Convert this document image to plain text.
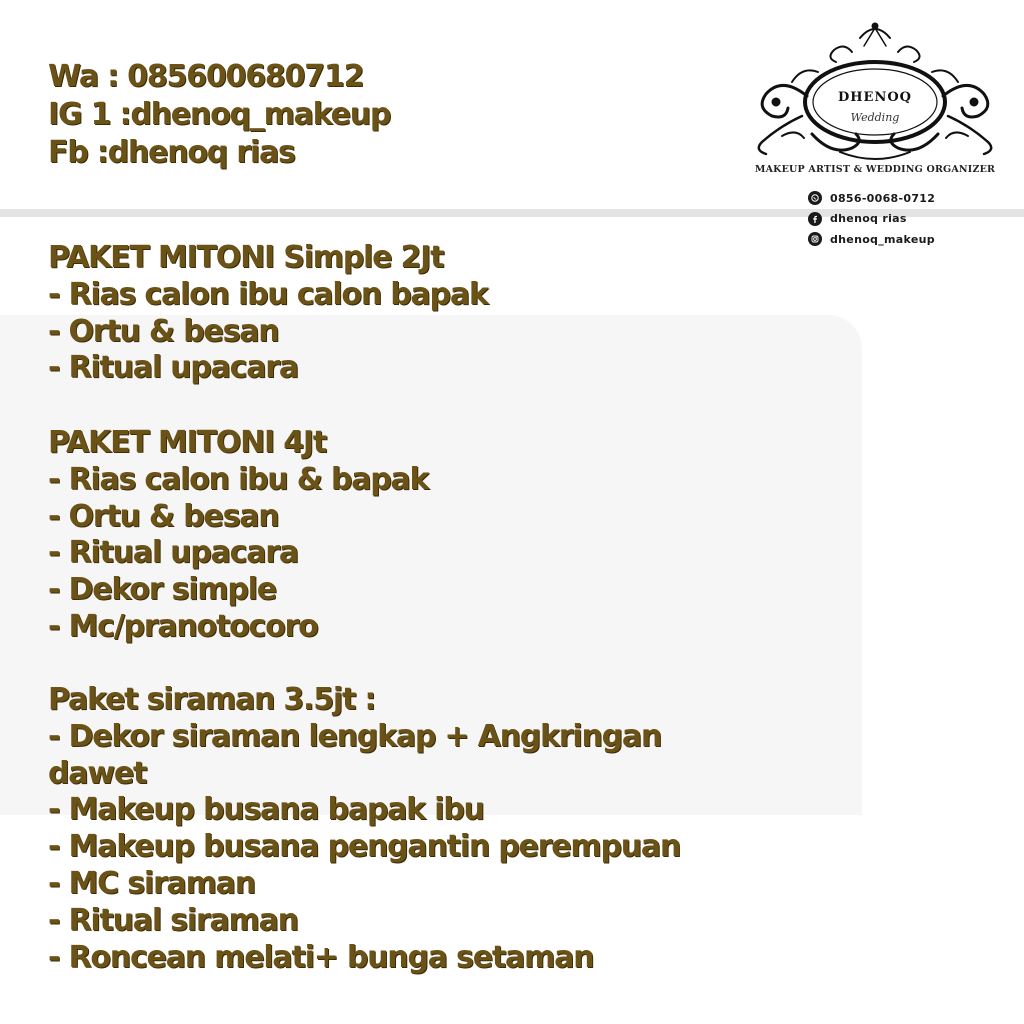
Wa : 085600680712
IG 1 :dhenoq_makeup
Fb :dhenoq rias
DHENOQ
Wedding
MAKEUP ARTIST & WEDDING ORGANIZER
0856-0068-0712
dhenoq rias
dhenoq_makeup
PAKET MITONI Simple 2Jt
- Rias calon ibu calon bapak
- Ortu & besan
- Ritual upacara
PAKET MITONI 4Jt
- Rias calon ibu & bapak
- Ortu & besan
- Ritual upacara
- Dekor simple
- Mc/pranotocoro
Paket siraman 3.5jt :
- Dekor siraman lengkap + Angkringan
dawet
- Makeup busana bapak ibu
- Makeup busana pengantin perempuan
- MC siraman
- Ritual siraman
- Roncean melati+ bunga setaman
